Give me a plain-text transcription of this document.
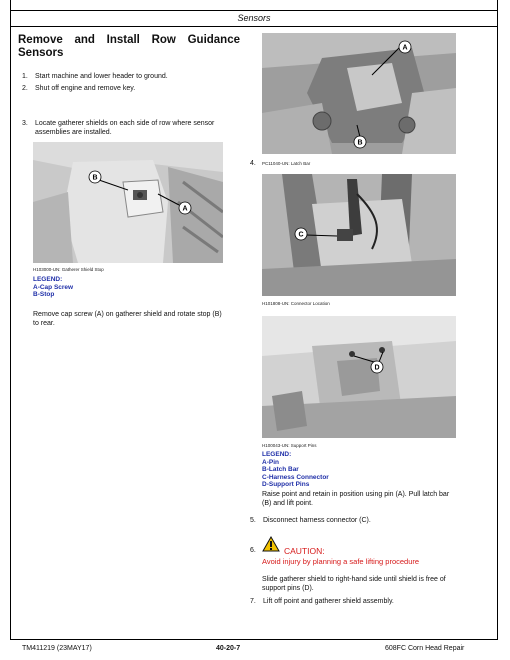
Sensors
Remove and Install Row Guidance Sensors
1. Start machine and lower header to ground.
2. Shut off engine and remove key.
3. Locate gatherer shields on each side of row where sensor
assemblies are installed.
B
A
H103000-UN: Gatherer Shield Stop
LEGEND:
A-Cap Screw
B-Stop
Remove cap screw (A) on gatherer shield and rotate stop (B)
to rear.
A
B
4. PC11040-UN: Latch Bar
C
H101808-UN: Connector Location
D
H100043-UN: Support Pins
LEGEND:
A-Pin
B-Latch Bar
C-Harness Connector
D-Support Pins
Raise point and retain in position using pin (A). Pull latch bar
(B) and lift point.
5. Disconnect harness connector (C).
6.	CAUTION:
Avoid injury by planning a safe lifting procedure
Slide gatherer shield to right-hand side until shield is free of
support pins (D).
7. Lift off point and gatherer shield assembly.
TM411219 (23MAY17)	40-20-7	608FC Corn Head Repair
